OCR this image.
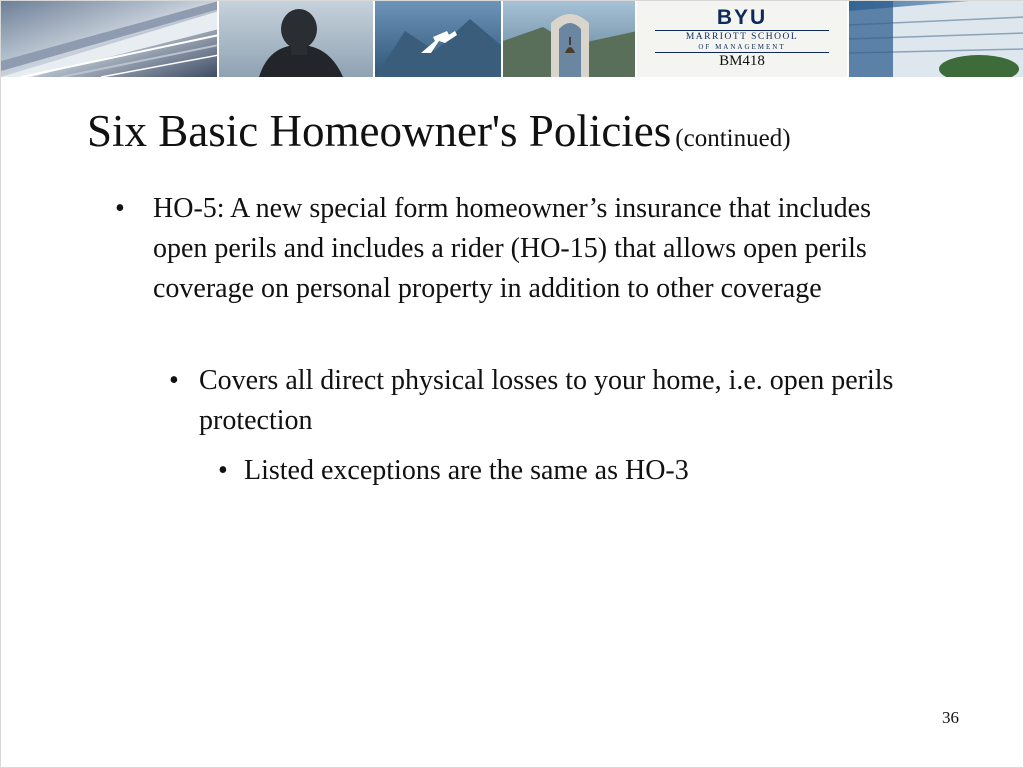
BYU
MARRIOTT SCHOOL
OF MANAGEMENT
BM418
Six Basic Homeowner's Policies (continued)
• HO-5: A new special form homeowner’s insurance that includes open perils and includes a rider (HO-15) that allows open perils coverage on personal property in addition to other coverage
• Covers all direct physical losses to your home, i.e. open perils protection
• Listed exceptions are the same as HO-3
36
